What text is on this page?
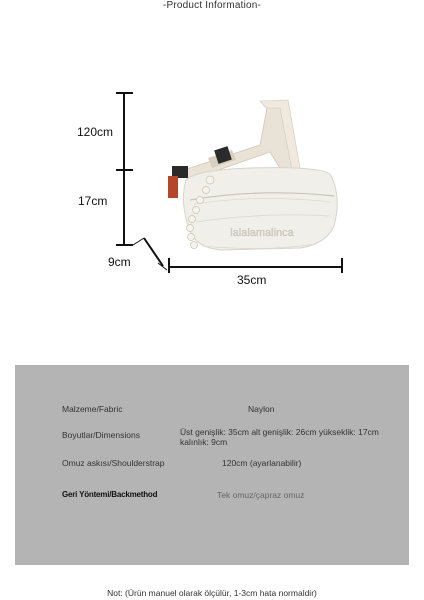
-Product Information-
lalalamalinca
120cm
17cm
9cm
35cm
Malzeme/Fabric	Naylon
Boyutlar/Dimensions	Üst genişlik: 35cm alt genişlik: 26cm yükseklik: 17cm kalınlık: 9cm
Omuz askısı/Shoulderstrap	120cm (ayarlanabilir)
Geri Yöntemi/Backmethod	Tek omuz/çapraz omuz
Not: (Ürün manuel olarak ölçülür, 1-3cm hata normaldir)
